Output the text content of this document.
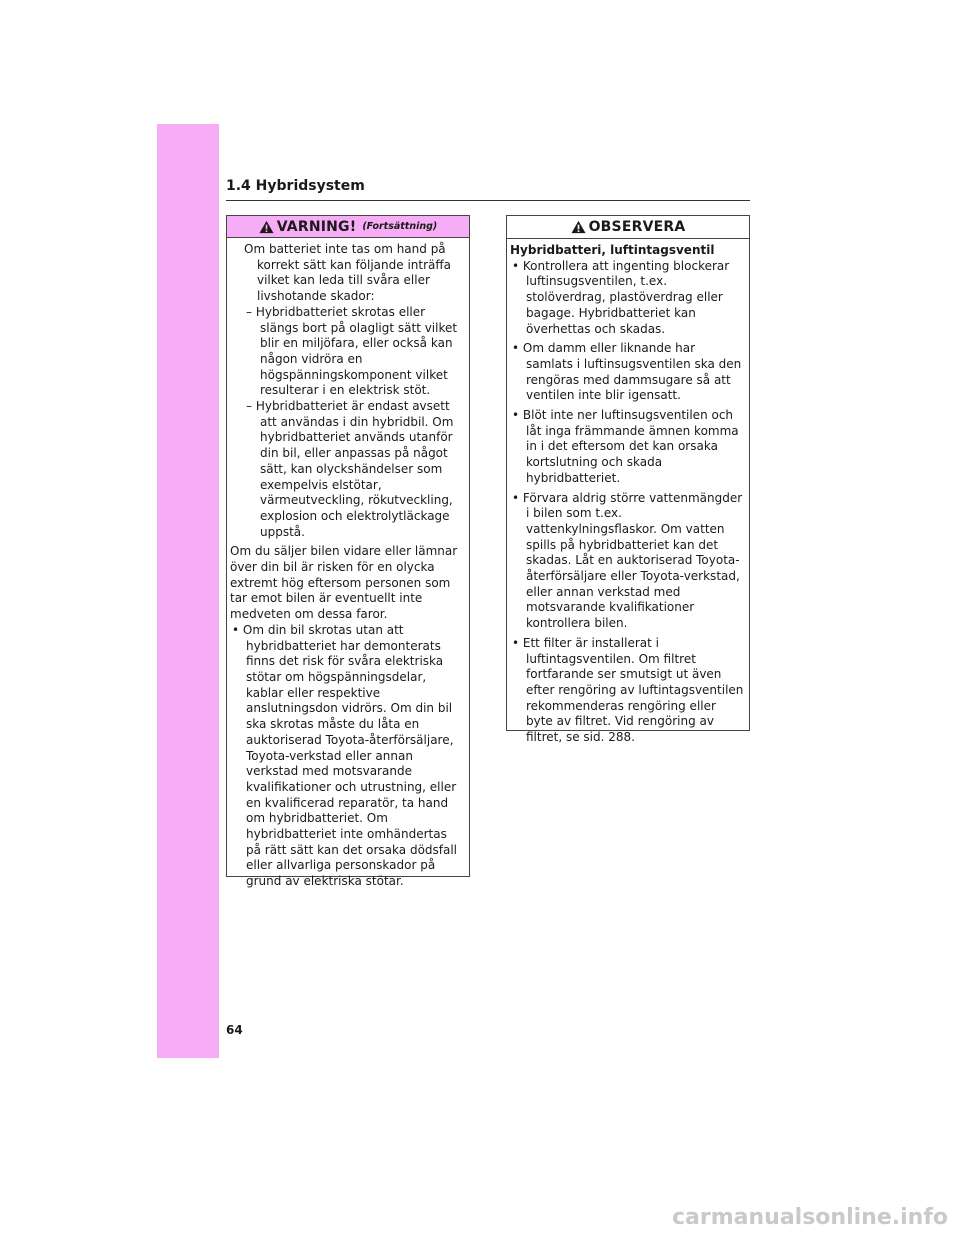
1.4 Hybridsystem
VARNING! (Fortsättning)

Om batteriet inte tas om hand på korrekt sätt kan följande inträffa vilket kan leda till svåra eller livshotande skador:

– Hybridbatteriet skrotas eller slängs bort på olagligt sätt vilket blir en miljöfara, eller också kan någon vidröra en högspänningskomponent vilket resulterar i en elektrisk stöt.

– Hybridbatteriet är endast avsett att användas i din hybridbil. Om hybridbatteriet används utanför din bil, eller anpassas på något sätt, kan olyckshändelser som exempelvis elstötar, värmeutveckling, rökutveckling, explosion och elektrolytläckage uppstå.

Om du säljer bilen vidare eller lämnar över din bil är risken för en olycka extremt hög eftersom personen som tar emot bilen är eventuellt inte medveten om dessa faror.

• Om din bil skrotas utan att hybridbatteriet har demonterats finns det risk för svåra elektriska stötar om högspänningsdelar, kablar eller respektive anslutningsdon vidrörs. Om din bil ska skrotas måste du låta en auktoriserad Toyota-återförsäljare, Toyota-verkstad eller annan verkstad med motsvarande kvalifikationer och utrustning, eller en kvalificerad reparatör, ta hand om hybridbatteriet. Om hybridbatteriet inte omhändertas på rätt sätt kan det orsaka dödsfall eller allvarliga personskador på grund av elektriska stötar.

OBSERVERA

Hybridbatteri, luftintagsventil

• Kontrollera att ingenting blockerar luftinsugsventilen, t.ex. stolöverdrag, plastöverdrag eller bagage. Hybridbatteriet kan överhettas och skadas.

• Om damm eller liknande har samlats i luftinsugsventilen ska den rengöras med dammsugare så att ventilen inte blir igensatt.

• Blöt inte ner luftinsugsventilen och låt inga främmande ämnen komma in i det eftersom det kan orsaka kortslutning och skada hybridbatteriet.

• Förvara aldrig större vattenmängder i bilen som t.ex. vattenkylningsflaskor. Om vatten spills på hybridbatteriet kan det skadas. Låt en auktoriserad Toyota-återförsäljare eller Toyota-verkstad, eller annan verkstad med motsvarande kvalifikationer kontrollera bilen.

• Ett filter är installerat i luftintagsventilen. Om filtret fortfarande ser smutsigt ut även efter rengöring av luftintagsventilen rekommenderas rengöring eller byte av filtret. Vid rengöring av filtret, se sid. 288.

64
carmanualsonline.info
